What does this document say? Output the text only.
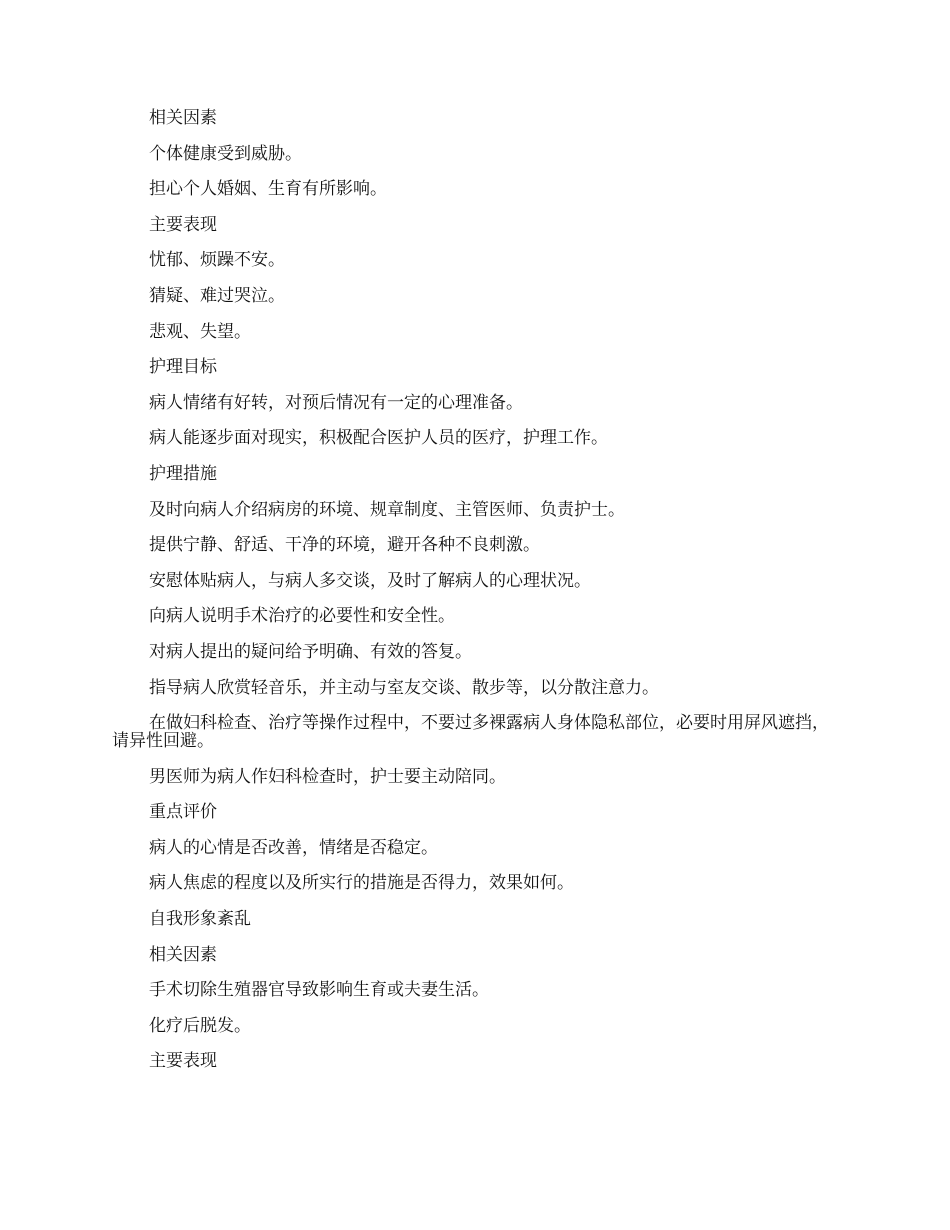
相关因素

个体健康受到威胁。

担心个人婚姻、生育有所影响。

主要表现

忧郁、烦躁不安。

猜疑、难过哭泣。

悲观、失望。

护理目标

病人情绪有好转，对预后情况有一定的心理准备。

病人能逐步面对现实，积极配合医护人员的医疗，护理工作。

护理措施

及时向病人介绍病房的环境、规章制度、主管医师、负责护士。

提供宁静、舒适、干净的环境，避开各种不良刺激。

安慰体贴病人，与病人多交谈，及时了解病人的心理状况。

向病人说明手术治疗的必要性和安全性。

对病人提出的疑问给予明确、有效的答复。

指导病人欣赏轻音乐，并主动与室友交谈、散步等，以分散注意力。

在做妇科检查、治疗等操作过程中，不要过多裸露病人身体隐私部位，必要时用屏风遮挡，请异性回避。

男医师为病人作妇科检查时，护士要主动陪同。

重点评价

病人的心情是否改善，情绪是否稳定。

病人焦虑的程度以及所实行的措施是否得力，效果如何。

自我形象紊乱

相关因素

手术切除生殖器官导致影响生育或夫妻生活。

化疗后脱发。

主要表现
